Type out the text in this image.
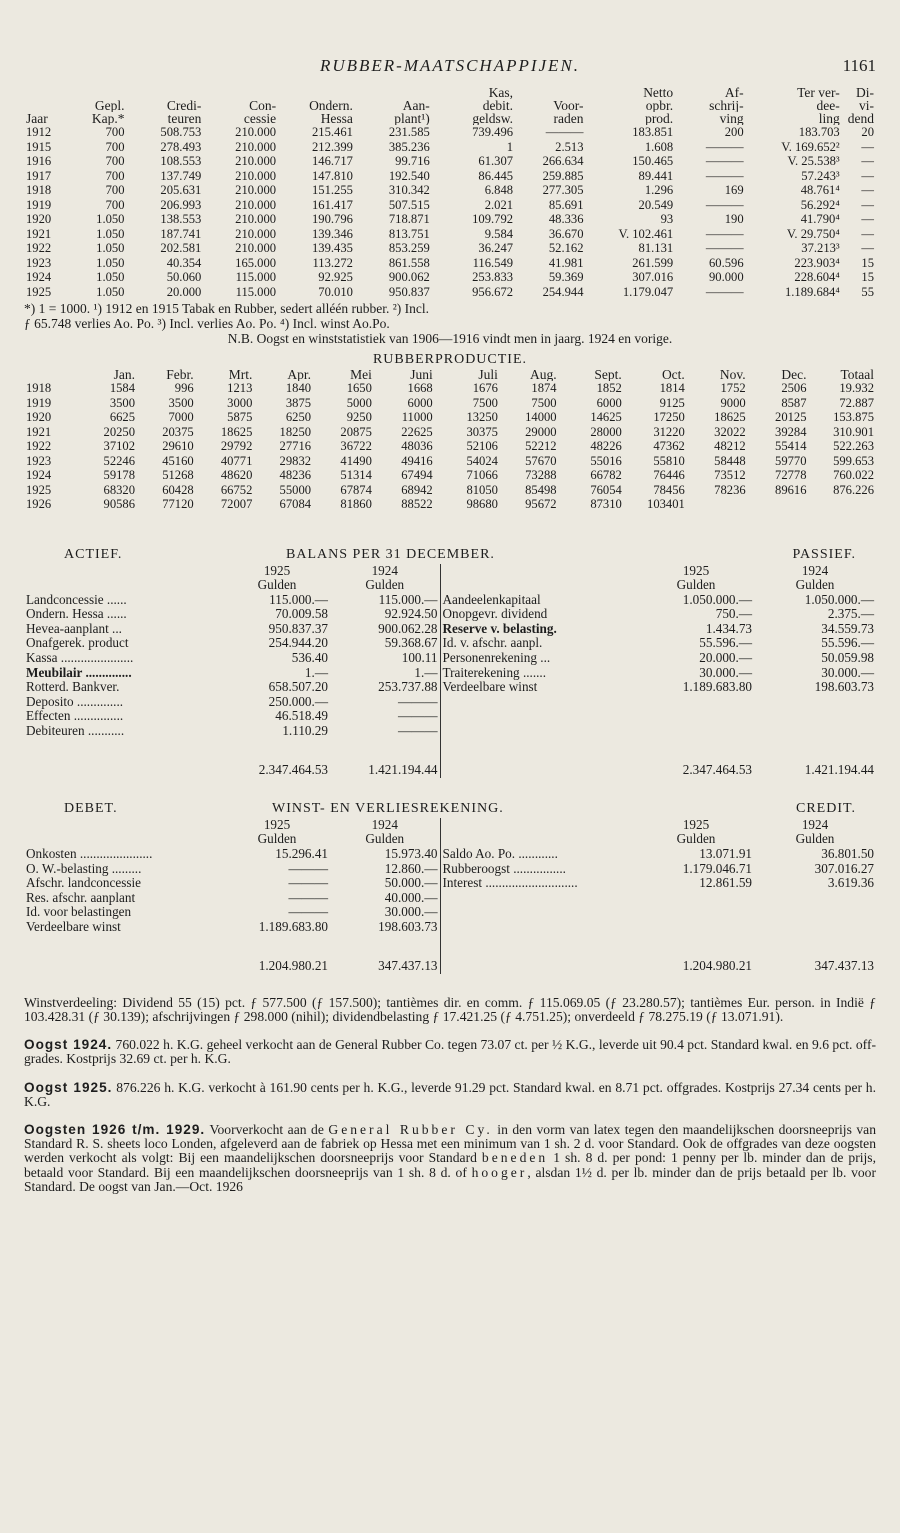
RUBBER-MAATSCHAPPIJEN.	1161
						Kas,		Netto	Af-	Ter ver-	Di-
	Gepl.	Credi-	Con-	Ondern.	Aan-	debit.	Voor-	opbr.	schrij-	dee-	vi-
Jaar	Kap.*	teuren	cessie	Hessa	plant¹)	geldsw.	raden	prod.	ving	ling	dend
1912	700	508.753	210.000	215.461	231.585	739.496	———	183.851	200	183.703	20
1915	700	278.493	210.000	212.399	385.236	1	2.513	1.608	———	V. 169.652²	—
1916	700	108.553	210.000	146.717	99.716	61.307	266.634	150.465	———	V. 25.538³	—
1917	700	137.749	210.000	147.810	192.540	86.445	259.885	89.441	———	57.243³	—
1918	700	205.631	210.000	151.255	310.342	6.848	277.305	1.296	169	48.761⁴	—
1919	700	206.993	210.000	161.417	507.515	2.021	85.691	20.549	———	56.292⁴	—
1920	1.050	138.553	210.000	190.796	718.871	109.792	48.336	93	190	41.790⁴	—
1921	1.050	187.741	210.000	139.346	813.751	9.584	36.670	V. 102.461	———	V. 29.750⁴	—
1922	1.050	202.581	210.000	139.435	853.259	36.247	52.162	81.131	———	37.213³	—
1923	1.050	40.354	165.000	113.272	861.558	116.549	41.981	261.599	60.596	223.903⁴	15
1924	1.050	50.060	115.000	92.925	900.062	253.833	59.369	307.016	90.000	228.604⁴	15
1925	1.050	20.000	115.000	70.010	950.837	956.672	254.944	1.179.047	———	1.189.684⁴	55

*) 1 = 1000. ¹) 1912 en 1915 Tabak en Rubber, sedert alléén rubber. ²) Incl.

ƒ 65.748 verlies Ao. Po. ³) Incl. verlies Ao. Po. ⁴) Incl. winst Ao.Po.

N.B. Oogst en winststatistiek van 1906—1916 vindt men in jaarg. 1924 en vorige.

RUBBERPRODUCTIE.
	Jan.	Febr.	Mrt.	Apr.	Mei	Juni	Juli	Aug.	Sept.	Oct.	Nov.	Dec.	Totaal
1918	1584	996	1213	1840	1650	1668	1676	1874	1852	1814	1752	2506	19.932
1919	3500	3500	3000	3875	5000	6000	7500	7500	6000	9125	9000	8587	72.887
1920	6625	7000	5875	6250	9250	11000	13250	14000	14625	17250	18625	20125	153.875
1921	20250	20375	18625	18250	20875	22625	30375	29000	28000	31220	32022	39284	310.901
1922	37102	29610	29792	27716	36722	48036	52106	52212	48226	47362	48212	55414	522.263
1923	52246	45160	40771	29832	41490	49416	54024	57670	55016	55810	58448	59770	599.653
1924	59178	51268	48620	48236	51314	67494	71066	73288	66782	76446	73512	72778	760.022
1925	68320	60428	66752	55000	67874	68942	81050	85498	76054	78456	78236	89616	876.226
1926	90586	77120	72007	67084	81860	88522	98680	95672	87310	103401			
ACTIEF.	BALANS PER 31 DECEMBER.	PASSIEF.
	1925	1924		1925	1924
	Gulden	Gulden		Gulden	Gulden
Landconcessie ......	115.000.—	115.000.—	Aandeelenkapitaal	1.050.000.—	1.050.000.—
Ondern. Hessa ......	70.009.58	92.924.50	Onopgevr. dividend	750.—	2.375.—
Hevea-aanplant ...	950.837.37	900.062.28	Reserve v. belasting.	1.434.73	34.559.73
Onafgerek. product	254.944.20	59.368.67	Id. v. afschr. aanpl.	55.596.—	55.596.—
Kassa ......................	536.40	100.11	Personenrekening ...	20.000.—	50.059.98
Meubilair ..............	1.—	1.—	Traiterekening .......	30.000.—	30.000.—
Rotterd. Bankver.	658.507.20	253.737.88	Verdeelbare winst	1.189.683.80	198.603.73
Deposito ..............	250.000.—	———			
Effecten ...............	46.518.49	———			
Debiteuren ...........	1.110.29	———			

	2.347.464.53	1.421.194.44		2.347.464.53	1.421.194.44
DEBET.	WINST- EN VERLIESREKENING.	CREDIT.
	1925	1924		1925	1924
	Gulden	Gulden		Gulden	Gulden
Onkosten ......................	15.296.41	15.973.40	Saldo Ao. Po. ............	13.071.91	36.801.50
O. W.-belasting .........	———	12.860.—	Rubberoogst ................	1.179.046.71	307.016.27
Afschr. landconcessie	———	50.000.—	Interest ............................	12.861.59	3.619.36
Res. afschr. aanplant	———	40.000.—			
Id. voor belastingen	———	30.000.—			
Verdeelbare winst	1.189.683.80	198.603.73			

	1.204.980.21	347.437.13		1.204.980.21	347.437.13
Winstverdeeling: Dividend 55 (15) pct. ƒ 577.500 (ƒ 157.500); tantièmes dir. en comm. ƒ 115.069.05 (ƒ 23.280.57); tantièmes Eur. person. in Indië ƒ 103.428.31 (ƒ 30.139); afschrijvingen ƒ 298.000 (nihil); dividendbelasting ƒ 17.421.25 (ƒ 4.751.25); onverdeeld ƒ 78.275.19 (ƒ 13.071.91).
Oogst 1924. 760.022 h. K.G. geheel verkocht aan de General Rubber Co. tegen 73.07 ct. per ½ K.G., leverde uit 90.4 pct. Standard kwal. en 9.6 pct. off-grades. Kostprijs 32.69 ct. per h. K.G.
Oogst 1925. 876.226 h. K.G. verkocht à 161.90 cents per h. K.G., leverde 91.29 pct. Standard kwal. en 8.71 pct. offgrades. Kostprijs 27.34 cents per h. K.G.
Oogsten 1926 t/m. 1929. Voorverkocht aan de General Rubber Cy. in den vorm van latex tegen den maandelijkschen doorsneeprijs van Standard R. S. sheets loco Londen, afgeleverd aan de fabriek op Hessa met een minimum van 1 sh. 2 d. voor Standard. Ook de offgrades van deze oogsten werden verkocht als volgt: Bij een maandelijkschen doorsneeprijs voor Standard beneden 1 sh. 8 d. per pond: 1 penny per lb. minder dan de prijs, betaald voor Standard. Bij een maandelijkschen doorsneeprijs van 1 sh. 8 d. of hooger, alsdan 1½ d. per lb. minder dan de prijs betaald per lb. voor Standard. De oogst van Jan.—Oct. 1926
